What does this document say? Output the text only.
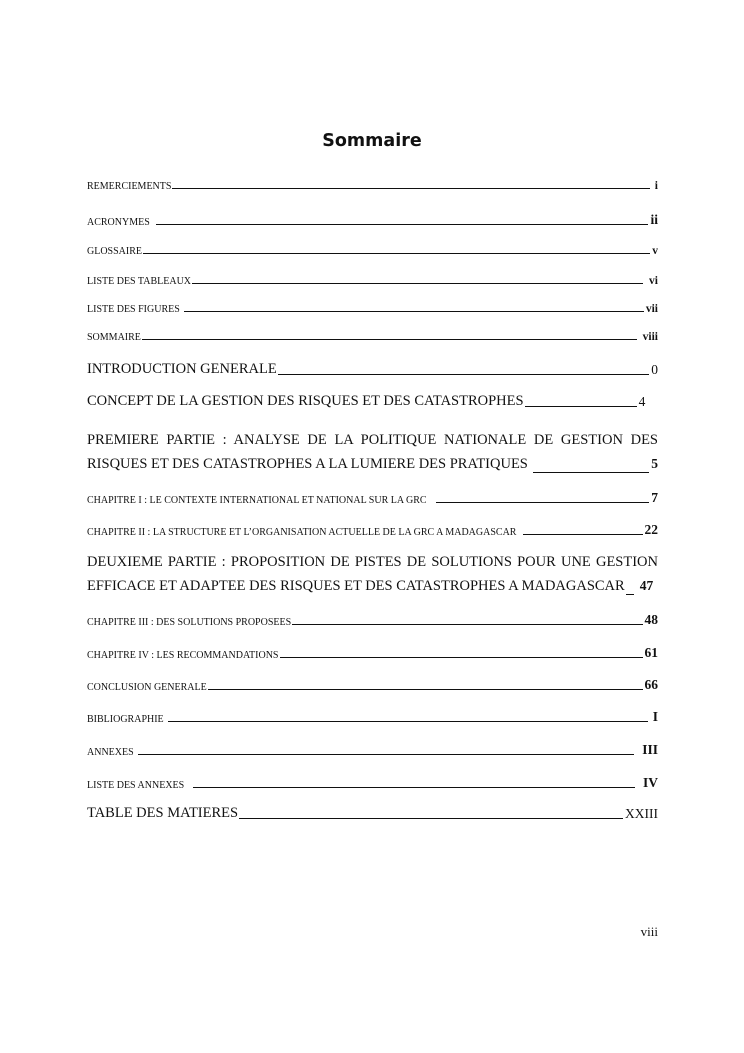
Sommaire
REMERCIEMENTS	i
ACRONYMES	ii
GLOSSAIRE	v
LISTE DES TABLEAUX	vi
LISTE DES FIGURES	vii
SOMMAIRE	viii
INTRODUCTION GENERALE	0
CONCEPT DE LA GESTION DES RISQUES ET DES CATASTROPHES	4
PREMIERE PARTIE : ANALYSE DE LA POLITIQUE NATIONALE DE GESTION DES
RISQUES ET DES CATASTROPHES A LA LUMIERE DES PRATIQUES	5
CHAPITRE I : LE CONTEXTE INTERNATIONAL ET NATIONAL SUR LA GRC	7
CHAPITRE II : LA STRUCTURE ET L’ORGANISATION ACTUELLE DE LA GRC A MADAGASCAR	22
DEUXIEME PARTIE : PROPOSITION DE PISTES DE SOLUTIONS POUR UNE GESTION
EFFICACE ET ADAPTEE DES RISQUES ET DES CATASTROPHES A MADAGASCAR 47
CHAPITRE III : DES SOLUTIONS PROPOSEES	48
CHAPITRE IV : LES RECOMMANDATIONS	61
CONCLUSION GENERALE	66
BIBLIOGRAPHIE	I
ANNEXES	III
LISTE DES ANNEXES	IV
TABLE DES MATIERES	XXIII
viii
